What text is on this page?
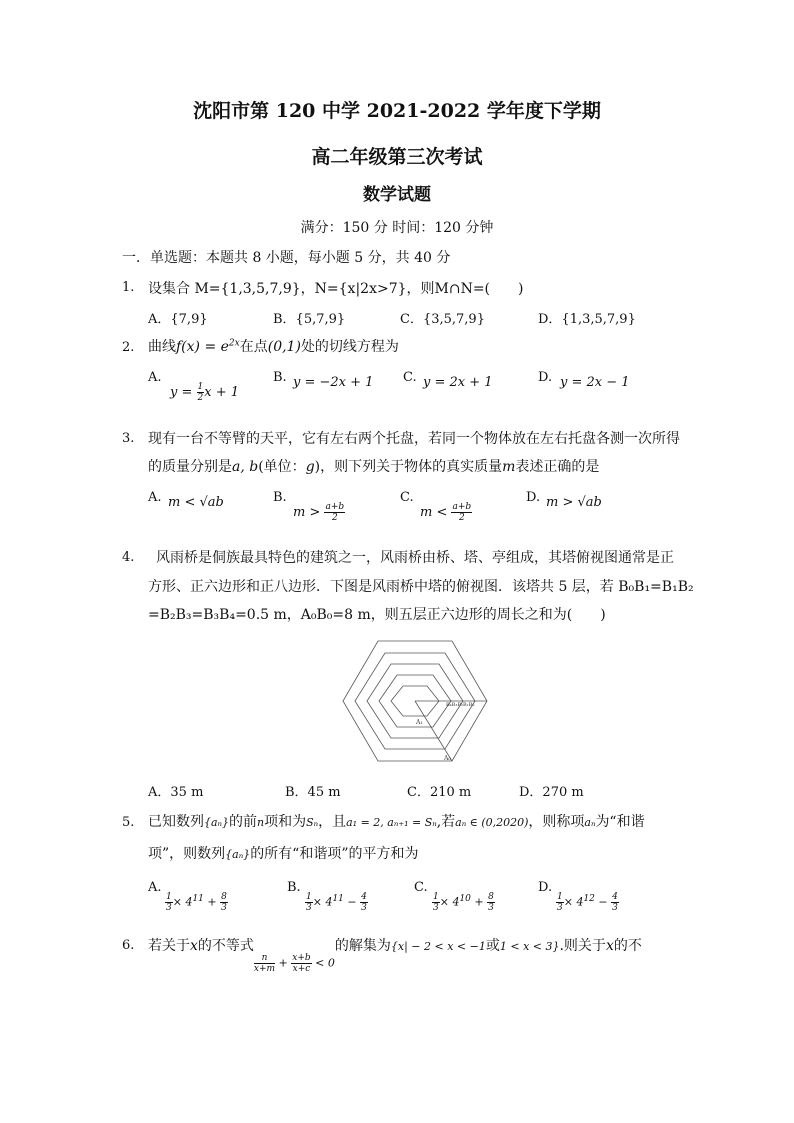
沈阳市第 120 中学 2021-2022 学年度下学期
高二年级第三次考试
数学试题
满分：150 分 时间：120 分钟
一．单选题：本题共 8 小题，每小题 5 分，共 40 分
1. 设集合 M={1,3,5,7,9}，N={x|2x>7}，则M∩N=(　　)
A．{7,9}	B．{5,7,9}	C．{3,5,7,9}	D．{1,3,5,7,9}
2. 曲线$f(x) = e^{2x}$在点(0,1)处的切线方程为
A.
$y = \frac{1}{2}$ x + 1
B. y = −2x + 1 C. y = 2x + 1	D. y = 2x − 1
3. 现有一台不等臂的天平，它有左右两个托盘，若同一个物体放在左右托盘各测一次所得
的质量分别是a, b(单位：g)，则下列关于物体的真实质量m表述正确的是
A. m < √ab	B.
$m > \frac{a+b}{2}$
C.
$m < \frac{a+b}{2}$
D. m > √ab
4. 风雨桥是侗族最具特色的建筑之一，风雨桥由桥、塔、亭组成，其塔俯视图通常是正
方形、正六边形和正八边形．下图是风雨桥中塔的俯视图．该塔共 5 层，若 B₀B₁=B₁B₂
=B₂B₃=B₃B₄=0.5 m，A₀B₀=8 m，则五层正六边形的周长之和为(　　)
B₄B₃B₂B₁B₀
A₁
A₀
A．35 m	B．45 m	C．210 m	D．270 m
5. 已知数列{aₙ}的前n项和为Sₙ，且a₁ = 2, aₙ₊₁ = Sₙ,若aₙ ∈ (0,2020)，则称项aₙ为“和谐
项”，则数列{aₙ}的所有“和谐项”的平方和为
A.
$\frac{1}{3} \times 4^{11} + \frac{8}{3}$
B.
$\frac{1}{3} \times 4^{11} - \frac{4}{3}$
C.
$\frac{1}{3} \times 4^{10} + \frac{8}{3}$
D.
$\frac{1}{3} \times 4^{12} - \frac{4}{3}$
6. 若关于x的不等式
$\frac{n}{x+m} + \frac{x+b}{x+c} < 0$的解集为{x| − 2 < x < −1或1 < x < 3}.则关于x的不
